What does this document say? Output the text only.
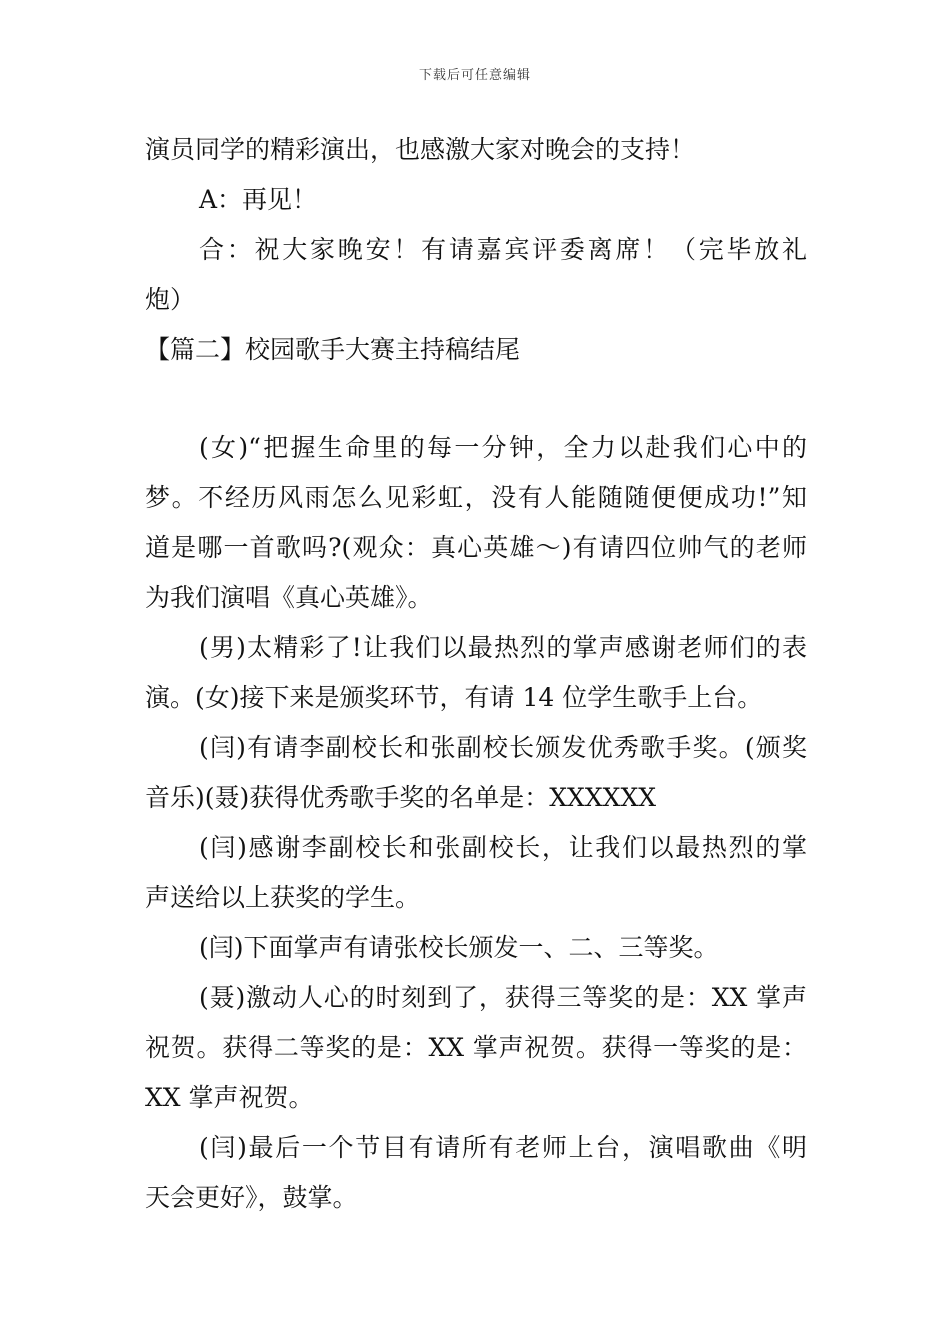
下载后可任意编辑
演员同学的精彩演出，也感激大家对晚会的支持！
A：再见！
合：祝大家晚安！有请嘉宾评委离席！（完毕放礼
炮）
【篇二】校园歌手大赛主持稿结尾
(女)“把握生命里的每一分钟，全力以赴我们心中的
梦。不经历风雨怎么见彩虹，没有人能随随便便成功!”知
道是哪一首歌吗?(观众：真心英雄～)有请四位帅气的老师
为我们演唱《真心英雄》。
(男)太精彩了!让我们以最热烈的掌声感谢老师们的表
演。(女)接下来是颁奖环节，有请 14 位学生歌手上台。
(闫)有请李副校长和张副校长颁发优秀歌手奖。(颁奖
音乐)(聂)获得优秀歌手奖的名单是：XXXXXX
(闫)感谢李副校长和张副校长，让我们以最热烈的掌
声送给以上获奖的学生。
(闫)下面掌声有请张校长颁发一、二、三等奖。
(聂)激动人心的时刻到了，获得三等奖的是：XX 掌声
祝贺。获得二等奖的是：XX 掌声祝贺。获得一等奖的是：
XX 掌声祝贺。
(闫)最后一个节目有请所有老师上台，演唱歌曲《明
天会更好》，鼓掌。
